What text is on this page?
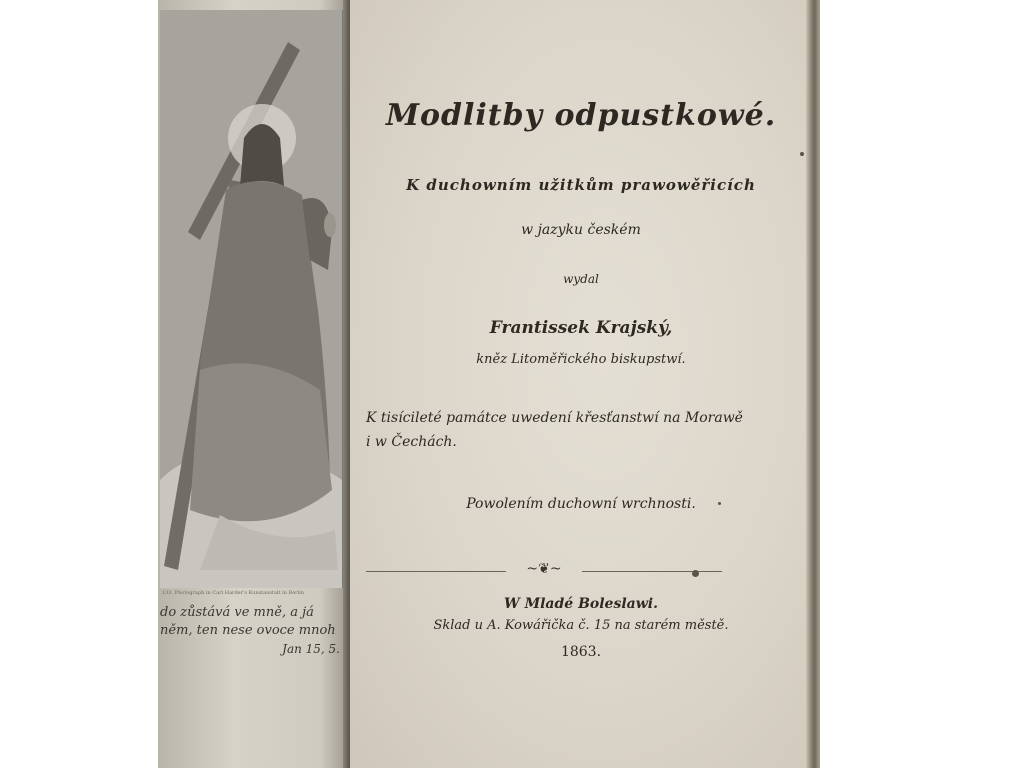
133. Photograph in Carl Harder's Kunstanstalt in Berlin
do zůstává ve mně, a já
něm, ten nese ovoce mnoh
Jan 15, 5.
Modlitby odpustkowé.
K duchowním užitkům prawowěřicích
w jazyku českém
wydal
Frantissek Krajský,
kněz Litoměřického biskupstwí.
K tisícileté památce uwedení křesťanstwí na Morawě
i w Čechách.
Powolením duchowní wrchnosti.
~❦~
W Mladé Boleslawi.
Sklad u A. Kowářička č. 15 na starém městě.
1863.
